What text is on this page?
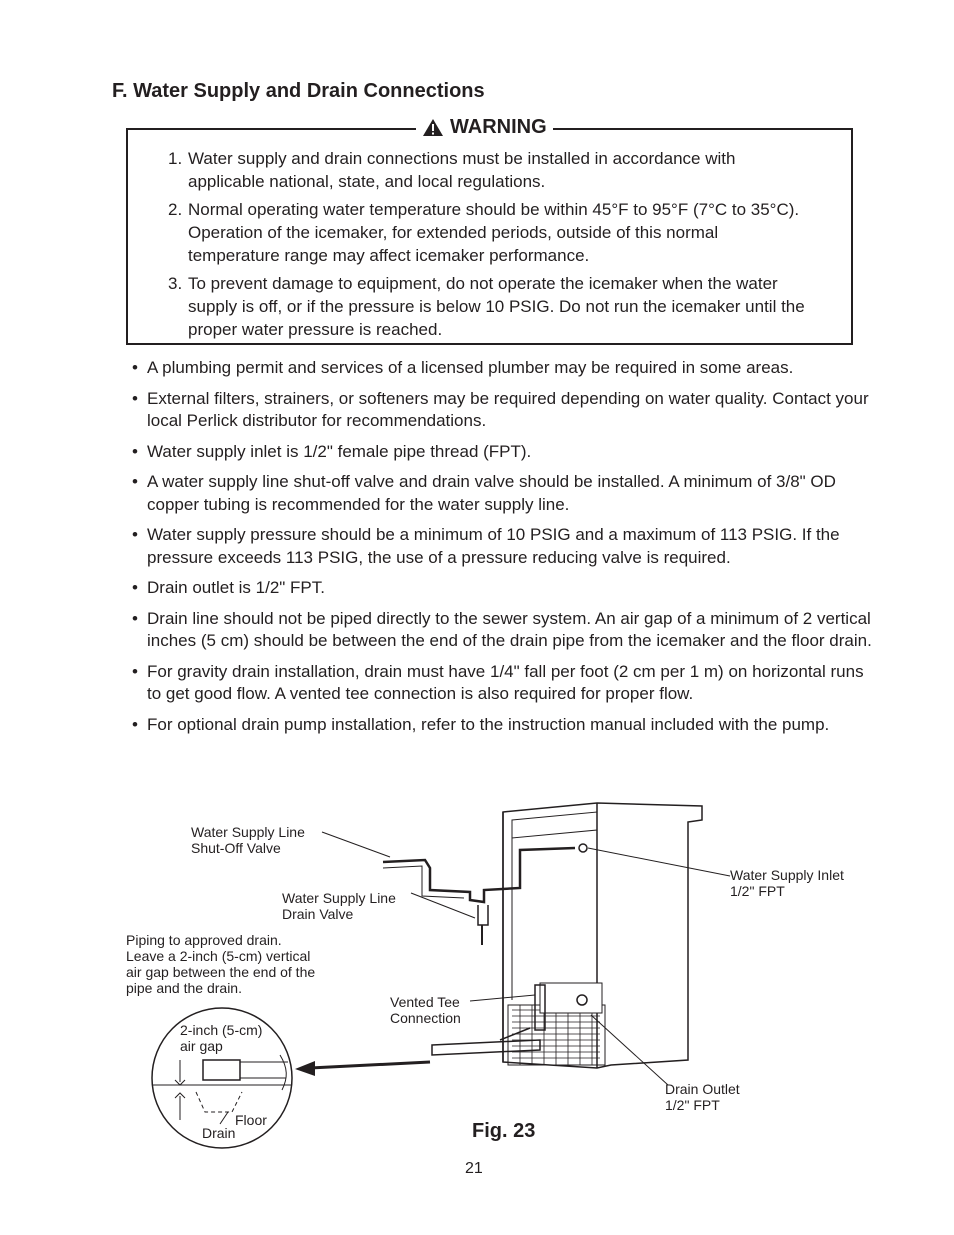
F. Water Supply and Drain Connections
WARNING
1. Water supply and drain connections must be installed in accordance with applicable national, state, and local regulations.
2. Normal operating water temperature should be within 45°F to 95°F (7°C to 35°C). Operation of the icemaker, for extended periods, outside of this normal temperature range may affect icemaker performance.
3. To prevent damage to equipment, do not operate the icemaker when the water supply is off, or if the pressure is below 10 PSIG. Do not run the icemaker until the proper water pressure is reached.
• A plumbing permit and services of a licensed plumber may be required in some areas.
• External filters, strainers, or softeners may be required depending on water quality. Contact your local Perlick distributor for recommendations.
• Water supply inlet is 1/2" female pipe thread (FPT).
• A water supply line shut-off valve and drain valve should be installed. A minimum of 3/8" OD copper tubing is recommended for the water supply line.
• Water supply pressure should be a minimum of 10 PSIG and a maximum of 113 PSIG. If the pressure exceeds 113 PSIG, the use of a pressure reducing valve is required.
• Drain outlet is 1/2" FPT.
• Drain line should not be piped directly to the sewer system. An air gap of a minimum of 2 vertical inches (5 cm) should be between the end of the drain pipe from the icemaker and the floor drain.
• For gravity drain installation, drain must have 1/4" fall per foot (2 cm per 1 m) on horizontal runs to get good flow. A vented tee connection is also required for proper flow.
• For optional drain pump installation, refer to the instruction manual included with the pump.
Water Supply Line
Shut-Off Valve
Water Supply Line
Drain Valve
Water Supply Inlet
1/2" FPT
Piping to approved drain.
Leave a 2-inch (5-cm) vertical
air gap between the end of the
pipe and the drain.
Vented Tee
Connection
2-inch (5-cm)
air gap
Floor
Drain
Drain Outlet
1/2" FPT
Fig. 23
21
